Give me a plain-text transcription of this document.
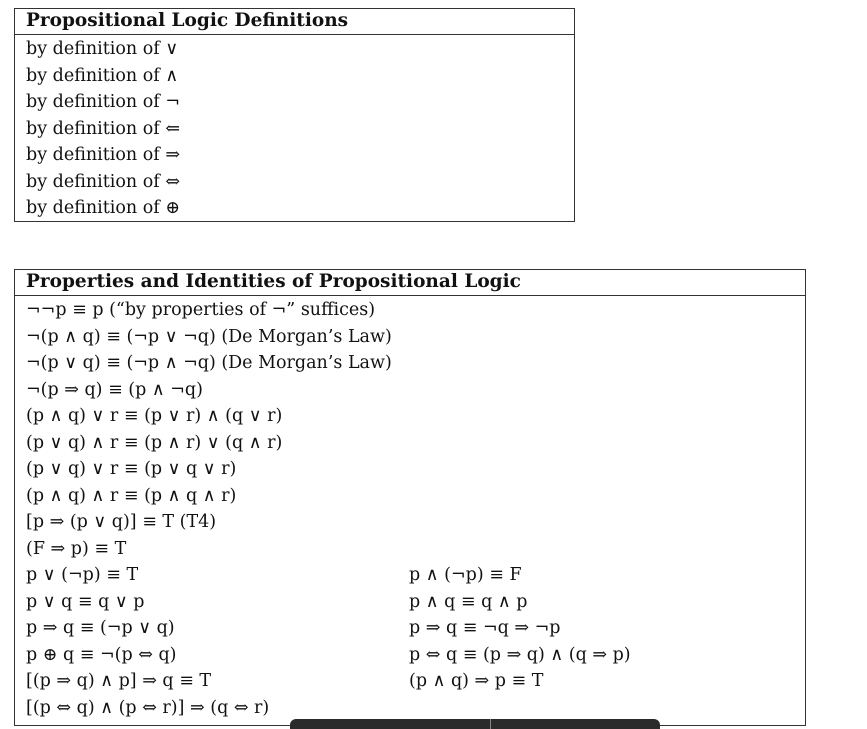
Propositional Logic Definitions
by definition of ∨
by definition of ∧
by definition of ¬
by definition of ⇐
by definition of ⇒
by definition of ⇔
by definition of ⊕
Properties and Identities of Propositional Logic
¬¬p ≡ p (“by properties of ¬” suffices)
¬(p ∧ q) ≡ (¬p ∨ ¬q) (De Morgan’s Law)
¬(p ∨ q) ≡ (¬p ∧ ¬q) (De Morgan’s Law)
¬(p ⇒ q) ≡ (p ∧ ¬q)
(p ∧ q) ∨ r ≡ (p ∨ r) ∧ (q ∨ r)
(p ∨ q) ∧ r ≡ (p ∧ r) ∨ (q ∧ r)
(p ∨ q) ∨ r ≡ (p ∨ q ∨ r)
(p ∧ q) ∧ r ≡ (p ∧ q ∧ r)
[p ⇒ (p ∨ q)] ≡ T (T4)
(F ⇒ p) ≡ T
p ∨ (¬p) ≡ T	p ∧ (¬p) ≡ F
p ∨ q ≡ q ∨ p	p ∧ q ≡ q ∧ p
p ⇒ q ≡ (¬p ∨ q)	p ⇒ q ≡ ¬q ⇒ ¬p
p ⊕ q ≡ ¬(p ⇔ q)	p ⇔ q ≡ (p ⇒ q) ∧ (q ⇒ p)
[(p ⇒ q) ∧ p] ⇒ q ≡ T	(p ∧ q) ⇒ p ≡ T
[(p ⇔ q) ∧ (p ⇔ r)] ⇒ (q ⇔ r)
